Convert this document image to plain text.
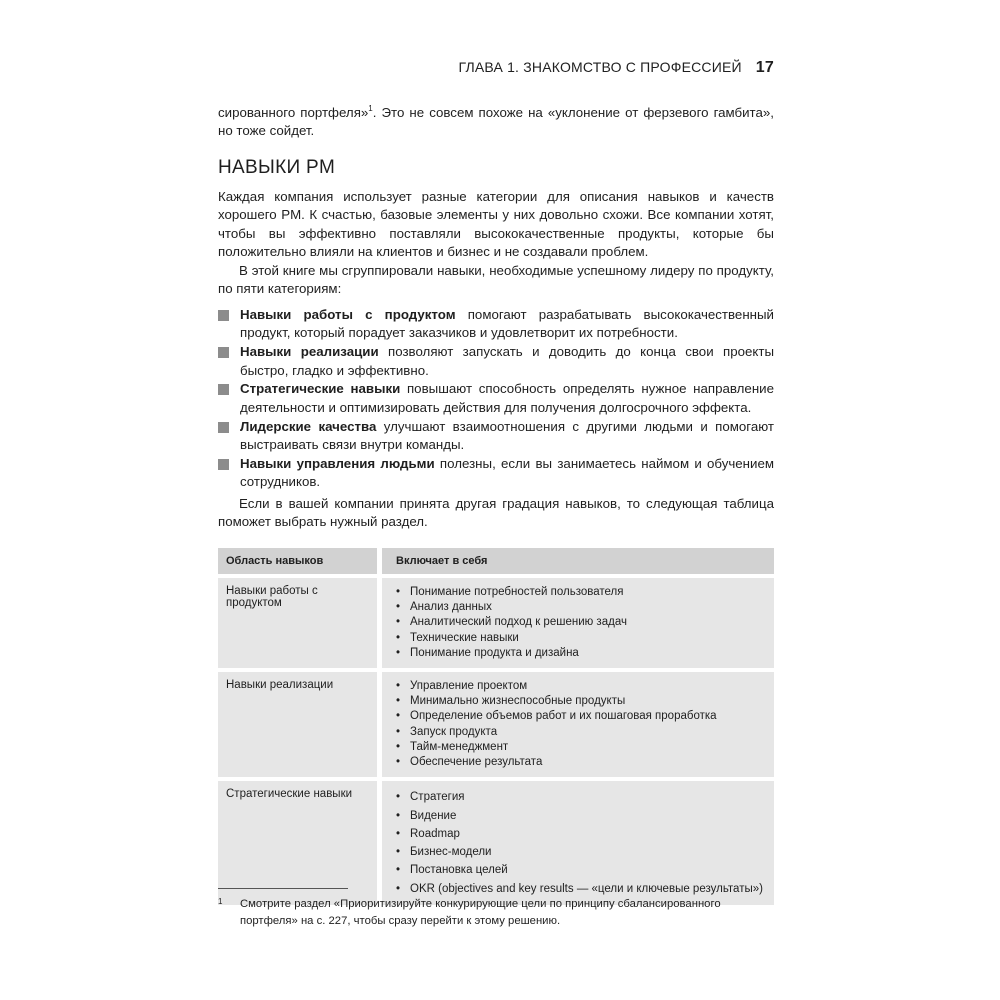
ГЛАВА 1. ЗНАКОМСТВО С ПРОФЕССИЕЙ 17

сированного портфеля»$^1$. Это не совсем похоже на «уклонение от ферзевого гамбита», но тоже сойдет.

НАВЫКИ PM

Каждая компания использует разные категории для описания навыков и качеств хорошего PM. К счастью, базовые элементы у них довольно схожи. Все компании хотят, чтобы вы эффективно поставляли высококачественные продукты, которые бы положительно влияли на клиентов и бизнес и не создавали проблем.

В этой книге мы сгруппировали навыки, необходимые успешному лидеру по продукту, по пяти категориям:

Навыки работы с продуктом помогают разрабатывать высококачественный продукт, который порадует заказчиков и удовлетворит их потребности.
Навыки реализации позволяют запускать и доводить до конца свои проекты быстро, гладко и эффективно.
Стратегические навыки повышают способность определять нужное направление деятельности и оптимизировать действия для получения долгосрочного эффекта.
Лидерские качества улучшают взаимоотношения с другими людьми и помогают выстраивать связи внутри команды.
Навыки управления людьми полезны, если вы занимаетесь наймом и обучением сотрудников.

Если в вашей компании принята другая градация навыков, то следующая таблица поможет выбрать нужный раздел.

Область навыков	Включает в себя
Навыки работы с продуктом
• Понимание потребностей пользователя
• Анализ данных
• Аналитический подход к решению задач
• Технические навыки
• Понимание продукта и дизайна
Навыки реализации	• Управление проектом
• Минимально жизнеспособные продукты
• Определение объемов работ и их пошаговая проработка
• Запуск продукта
• Тайм-менеджмент
• Обеспечение результата
Стратегические навыки	• Стратегия
• Видение
• Roadmap
• Бизнес-модели
• Постановка целей
• OKR (objectives and key results — «цели и ключевые результаты»)
1 Смотрите раздел «Приоритизируйте конкурирующие цели по принципу сбалансированного портфеля» на с. 227, чтобы сразу перейти к этому решению.
